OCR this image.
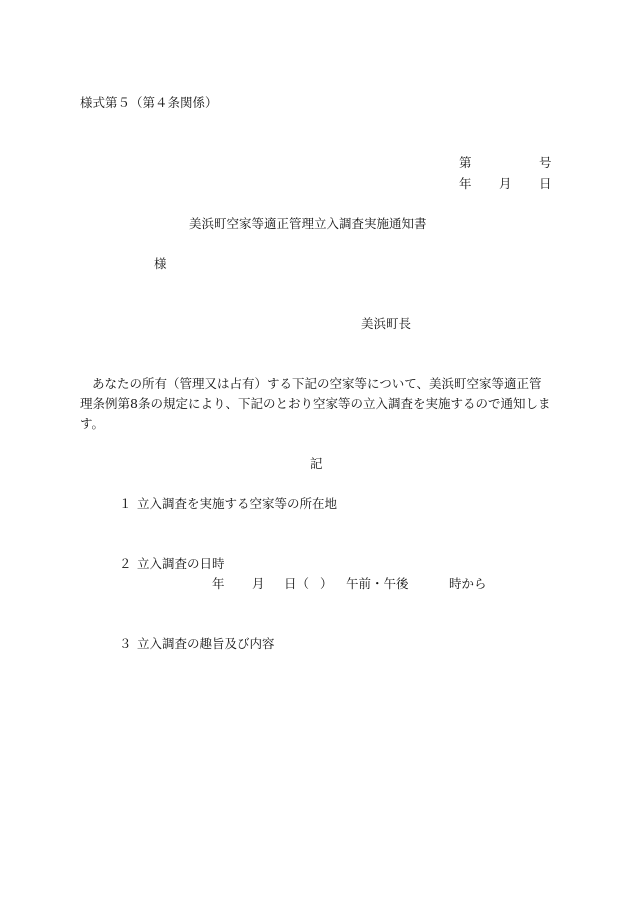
様式第５（第４条関係）
第	号
年 月 日
美浜町空家等適正管理立入調査実施通知書
様
美浜町長
あなたの所有（管理又は占有）する下記の空家等について、美浜町空家等適正管理条例第8条の規定により、下記のとおり空家等の立入調査を実施するので通知します。
記
１ 立入調査を実施する空家等の所在地
２ 立入調査の日時
年 月 日（ ） 午前・午後	時から
３ 立入調査の趣旨及び内容
